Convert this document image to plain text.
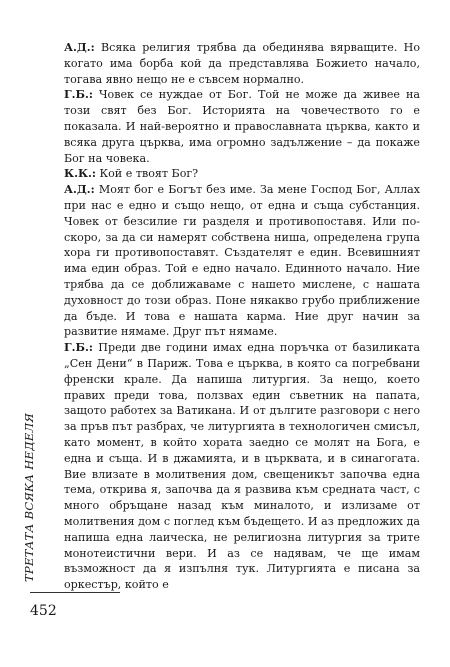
А.Д.: Всяка религия трябва да обединява вярващите. Но когато има борба кой да представлява Божието начало, тогава явно нещо не е съвсем нормално.

Г.Б.: Човек се нуждае от Бог. Той не може да живее на този свят без Бог. Историята на човечеството го е показала. И най-вероятно и православната църква, както и всяка друга църква, има огромно задължение – да покаже Бог на човека.

К.К.: Кой е твоят Бог?

А.Д.: Моят бог е Богът без име. За мене Господ Бог, Аллах при нас е едно и също нещо, от една и съща субстанция. Човек от безсилие ги разделя и противопоставя. Или по-скоро, за да си намерят собствена ниша, определена група хора ги противопоставят. Създателят е един. Всевишният има един образ. Той е едно начало. Единното начало. Ние трябва да се доближаваме с нашето мислене, с нашата духовност до този образ. Поне някакво грубо приближение да бъде. И това е нашата карма. Ние друг начин за развитие нямаме. Друг път нямаме.

Г.Б.: Преди две години имах една поръчка от базиликата „Сен Дени“ в Париж. Това е църква, в която са погребвани френски крале. Да напиша литургия. За нещо, което правих преди това, ползвах един съветник на папата, защото работех за Ватикана. И от дългите разговори с него за пръв път разбрах, че литургията в технологичен смисъл, като момент, в който хората заедно се молят на Бога, е една и съща. И в джамията, и в църквата, и в синагогата. Вие влизате в молитвения дом, свещеникът започва една тема, открива я, започва да я развива към средната част, с много обръщане назад към миналото, и излизаме от молитвения дом с поглед към бъдещето. И аз предложих да напиша една лаическа, не религиозна литургия за трите монотеистични вери. И аз се надявам, че ще имам възможност да я изпълня тук. Литургията е писана за оркестър, който е

ТРЕТАТА ВСЯКА НЕДЕЛЯ
452
